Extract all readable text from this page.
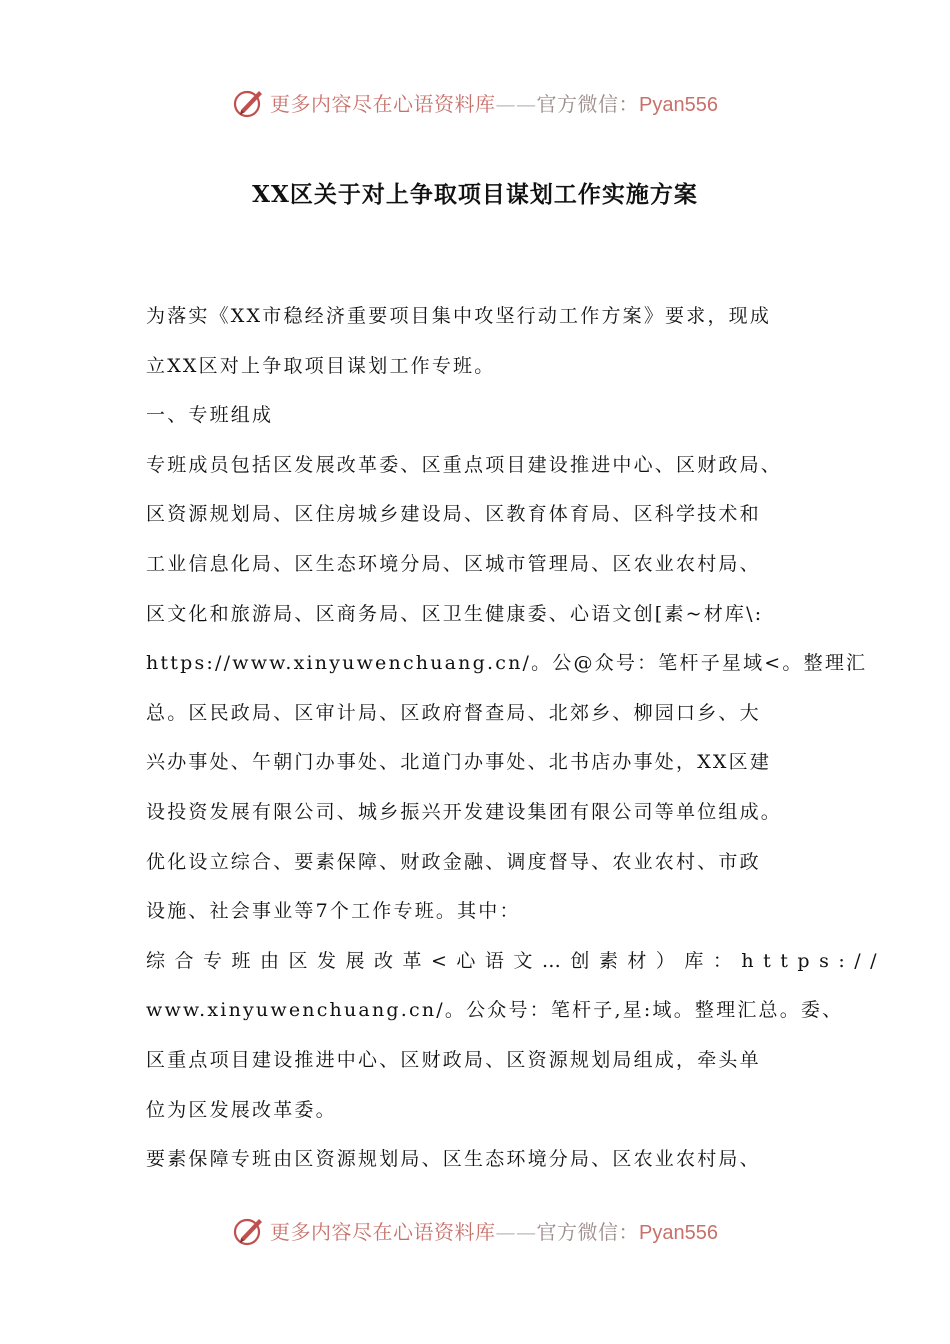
更多内容尽在心语资料库——官方微信：Pyan556
XX区关于对上争取项目谋划工作实施方案

为落实《XX市稳经济重要项目集中攻坚行动工作方案》要求，现成

立XX区对上争取项目谋划工作专班。

一、专班组成

专班成员包括区发展改革委、区重点项目建设推进中心、区财政局、

区资源规划局、区住房城乡建设局、区教育体育局、区科学技术和

工业信息化局、区生态环境分局、区城市管理局、区农业农村局、

区文化和旅游局、区商务局、区卫生健康委、心语文创[素~材库\:

https://www.xinyuwenchuang.cn/。公@众号：笔杆子星域<。整理汇

总。区民政局、区审计局、区政府督查局、北郊乡、柳园口乡、大

兴办事处、午朝门办事处、北道门办事处、北书店办事处，XX区建

设投资发展有限公司、城乡振兴开发建设集团有限公司等单位组成。

优化设立综合、要素保障、财政金融、调度督导、农业农村、市政

设施、社会事业等7个工作专班。其中：

综合专班由区发展改革<心语文…创素材）库：https://

www.xinyuwenchuang.cn/。公众号：笔杆子,星:域。整理汇总。委、

区重点项目建设推进中心、区财政局、区资源规划局组成，牵头单

位为区发展改革委。

要素保障专班由区资源规划局、区生态环境分局、区农业农村局、

更多内容尽在心语资料库——官方微信：Pyan556
